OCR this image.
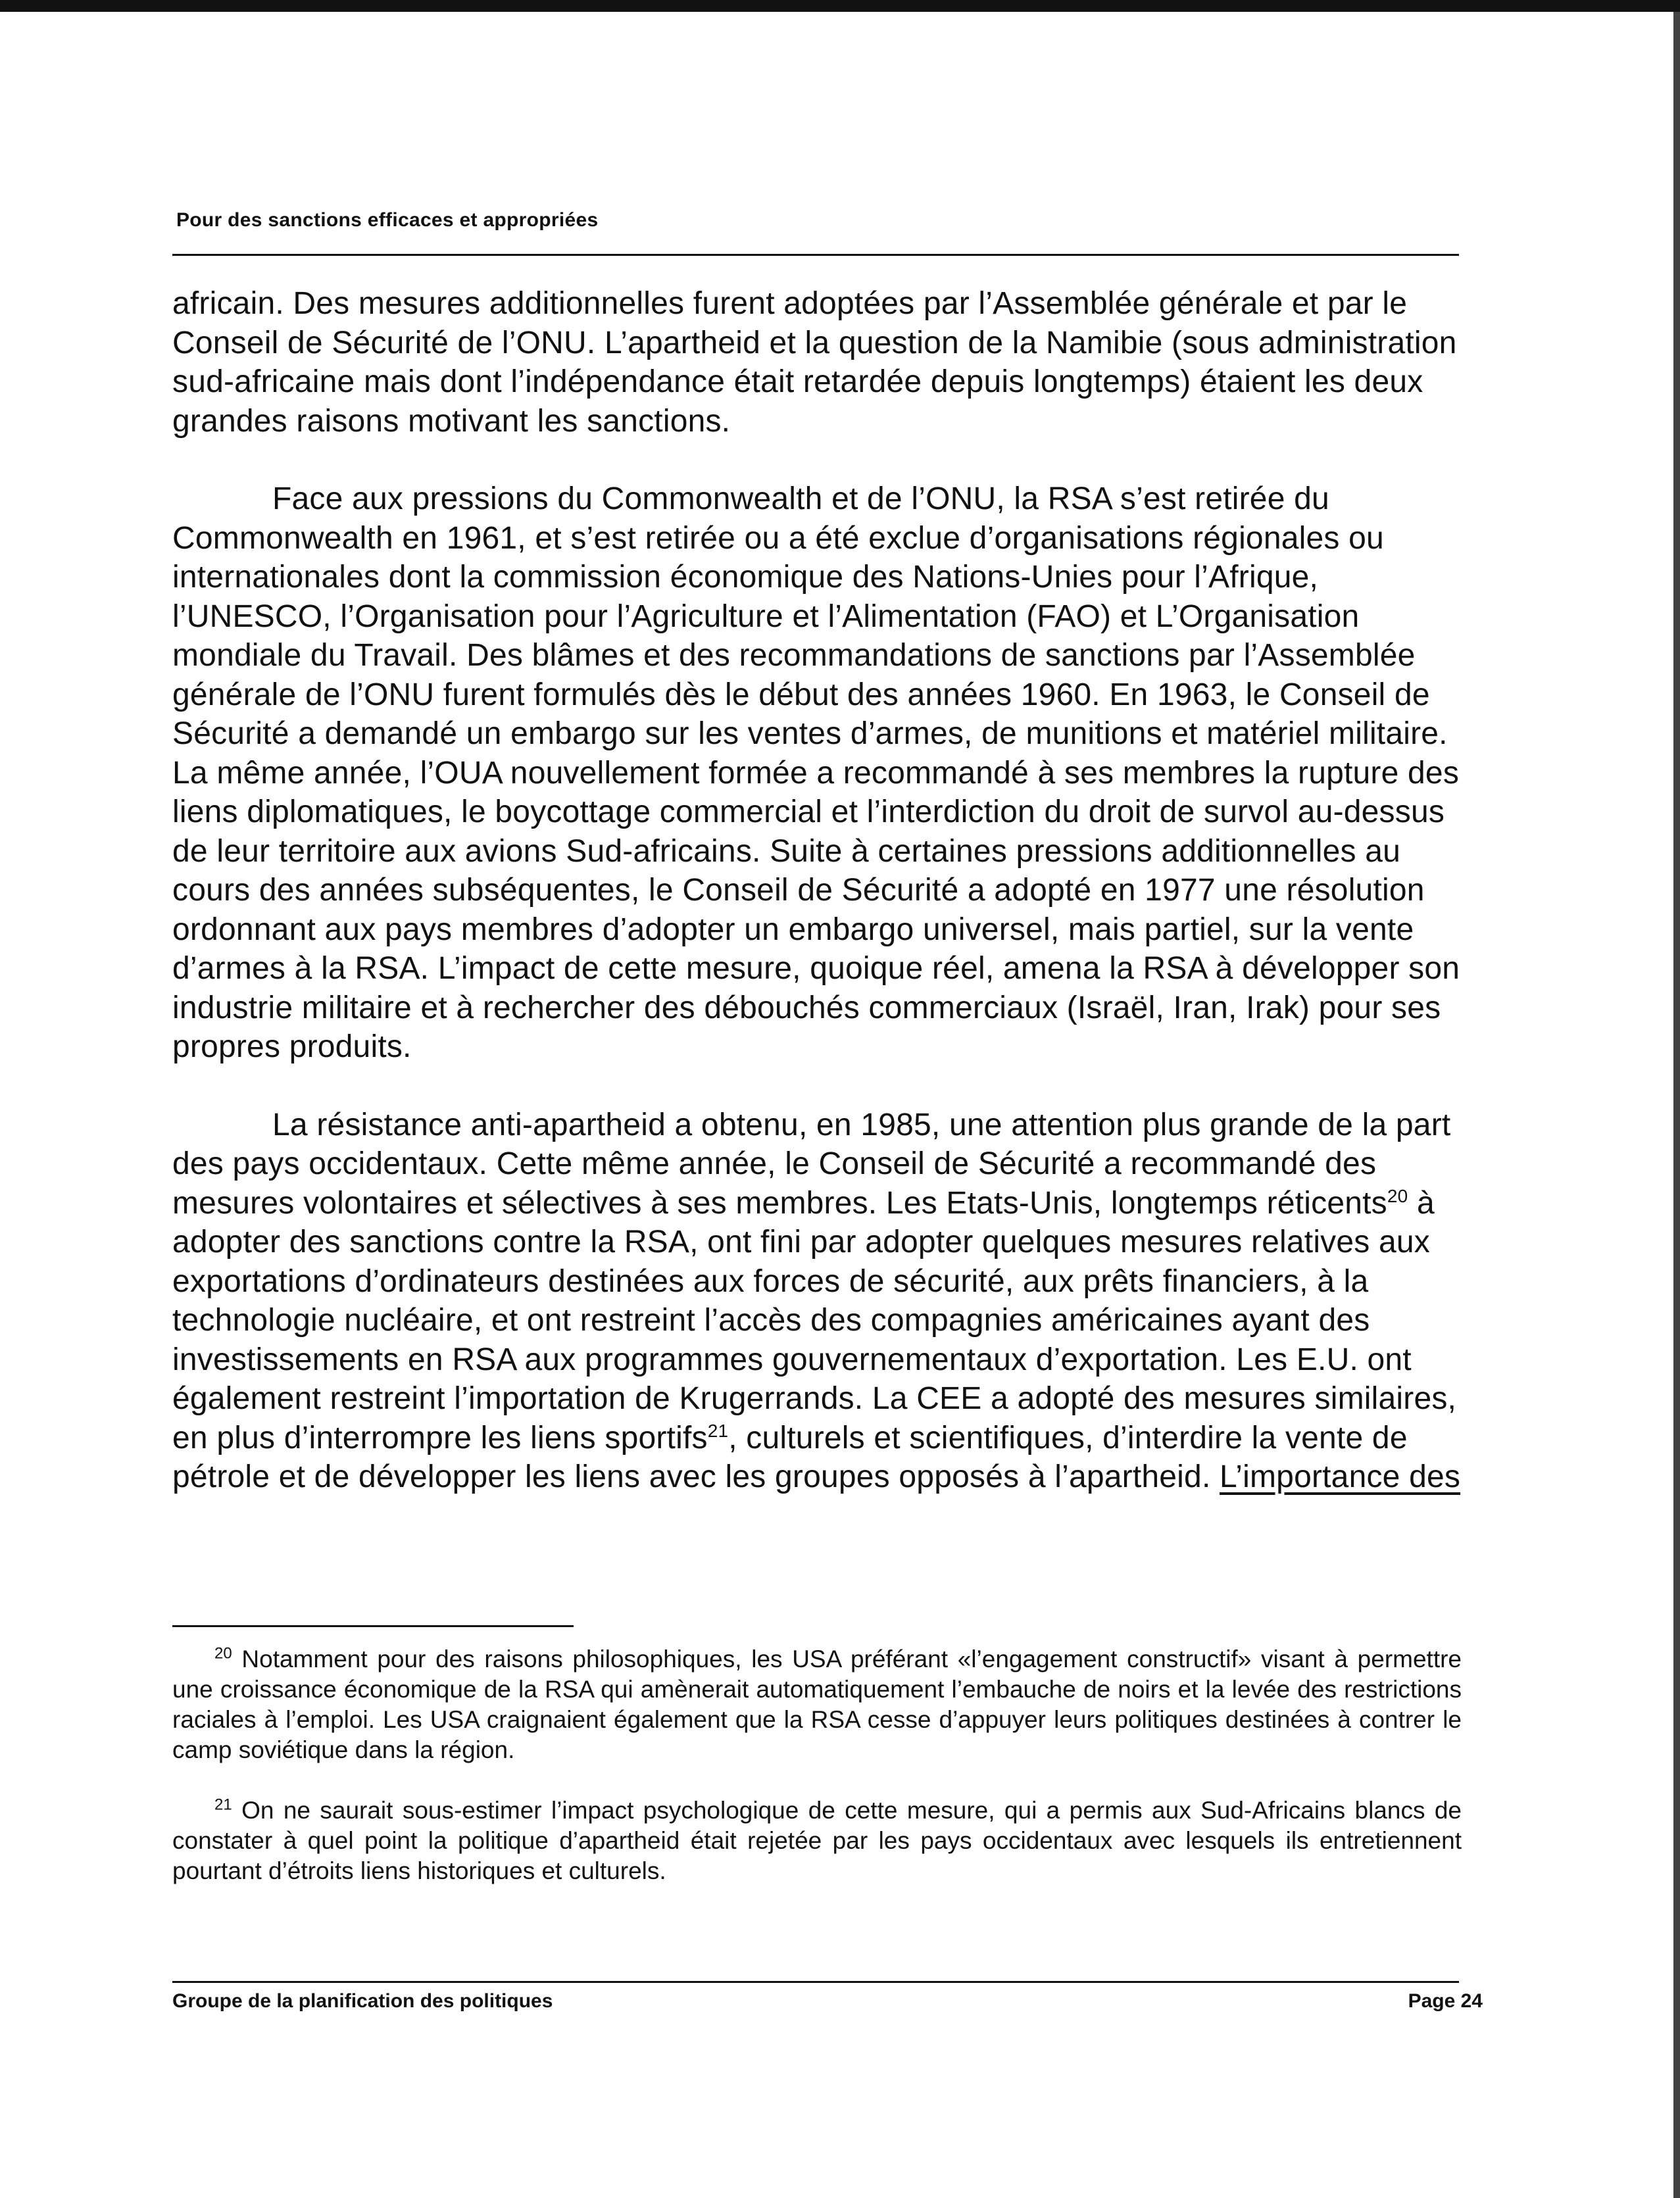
Pour des sanctions efficaces et appropriées

africain. Des mesures additionnelles furent adoptées par l’Assemblée générale et par le Conseil de Sécurité de l’ONU. L’apartheid et la question de la Namibie (sous administration sud-africaine mais dont l’indépendance était retardée depuis longtemps) étaient les deux grandes raisons motivant les sanctions.

Face aux pressions du Commonwealth et de l’ONU, la RSA s’est retirée du Commonwealth en 1961, et s’est retirée ou a été exclue d’organisations régionales ou internationales dont la commission économique des Nations-Unies pour l’Afrique, l’UNESCO, l’Organisation pour l’Agriculture et l’Alimentation (FAO) et L’Organisation mondiale du Travail. Des blâmes et des recommandations de sanctions par l’Assemblée générale de l’ONU furent formulés dès le début des années 1960. En 1963, le Conseil de Sécurité a demandé un embargo sur les ventes d’armes, de munitions et matériel militaire. La même année, l’OUA nouvellement formée a recommandé à ses membres la rupture des liens diplomatiques, le boycottage commercial et l’interdiction du droit de survol au-dessus de leur territoire aux avions Sud-africains. Suite à certaines pressions additionnelles au cours des années subséquentes, le Conseil de Sécurité a adopté en 1977 une résolution ordonnant aux pays membres d’adopter un embargo universel, mais partiel, sur la vente d’armes à la RSA. L’impact de cette mesure, quoique réel, amena la RSA à développer son industrie militaire et à rechercher des débouchés commerciaux (Israël, Iran, Irak) pour ses propres produits.

La résistance anti-apartheid a obtenu, en 1985, une attention plus grande de la part des pays occidentaux. Cette même année, le Conseil de Sécurité a recommandé des mesures volontaires et sélectives à ses membres. Les Etats-Unis, longtemps réticents$^{20}$ à adopter des sanctions contre la RSA, ont fini par adopter quelques mesures relatives aux exportations d’ordinateurs destinées aux forces de sécurité, aux prêts financiers, à la technologie nucléaire, et ont restreint l’accès des compagnies américaines ayant des investissements en RSA aux programmes gouvernementaux d’exportation. Les E.U. ont également restreint l’importation de Krugerrands. La CEE a adopté des mesures similaires, en plus d’interrompre les liens sportifs$^{21}$, culturels et scientifiques, d’interdire la vente de pétrole et de développer les liens avec les groupes opposés à l’apartheid. L’importance des

$^{20}$ Notamment pour des raisons philosophiques, les USA préférant «l’engagement constructif» visant à permettre une croissance économique de la RSA qui amènerait automatiquement l’embauche de noirs et la levée des restrictions raciales à l’emploi. Les USA craignaient également que la RSA cesse d’appuyer leurs politiques destinées à contrer le camp soviétique dans la région.

$^{21}$ On ne saurait sous-estimer l’impact psychologique de cette mesure, qui a permis aux Sud-Africains blancs de constater à quel point la politique d’apartheid était rejetée par les pays occidentaux avec lesquels ils entretiennent pourtant d’étroits liens historiques et culturels.

Groupe de la planification des politiques	Page 24
